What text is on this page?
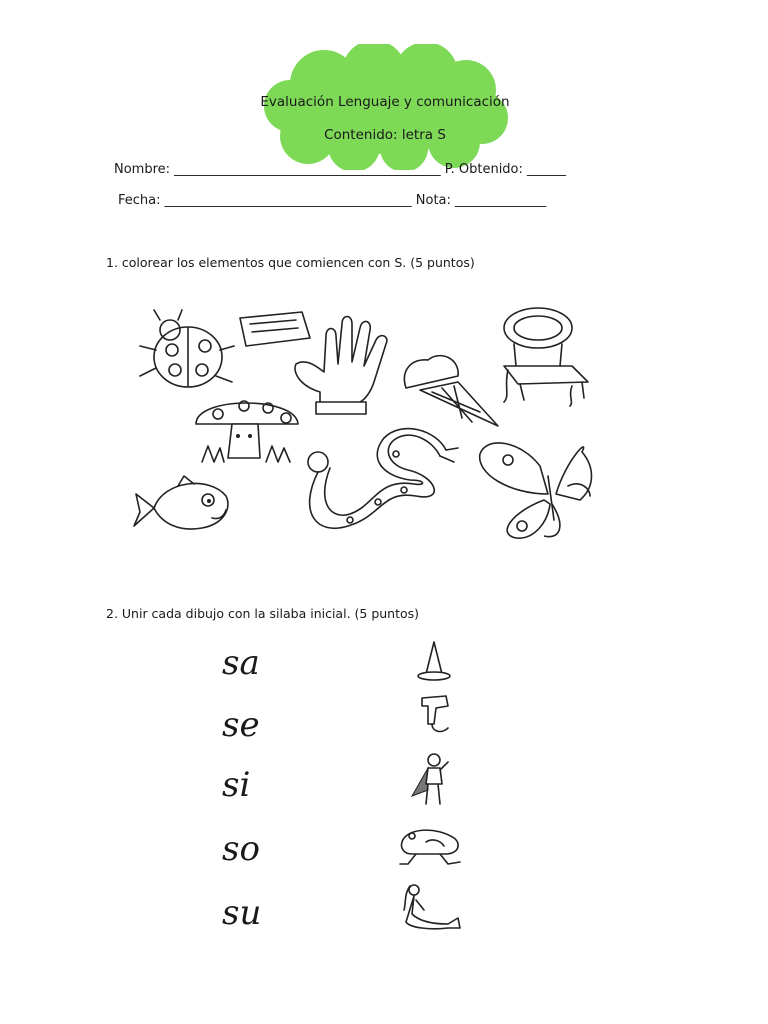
Evaluación Lenguaje y comunicación
Contenido: letra S
Nombre: _________________________________________ P. Obtenido: ______
Fecha: ______________________________________ Nota: ______________
1. colorear los elementos que comiencen con S. (5 puntos)
2. Unir cada dibujo con la silaba inicial. (5 puntos)
sa
se
si
so
su
